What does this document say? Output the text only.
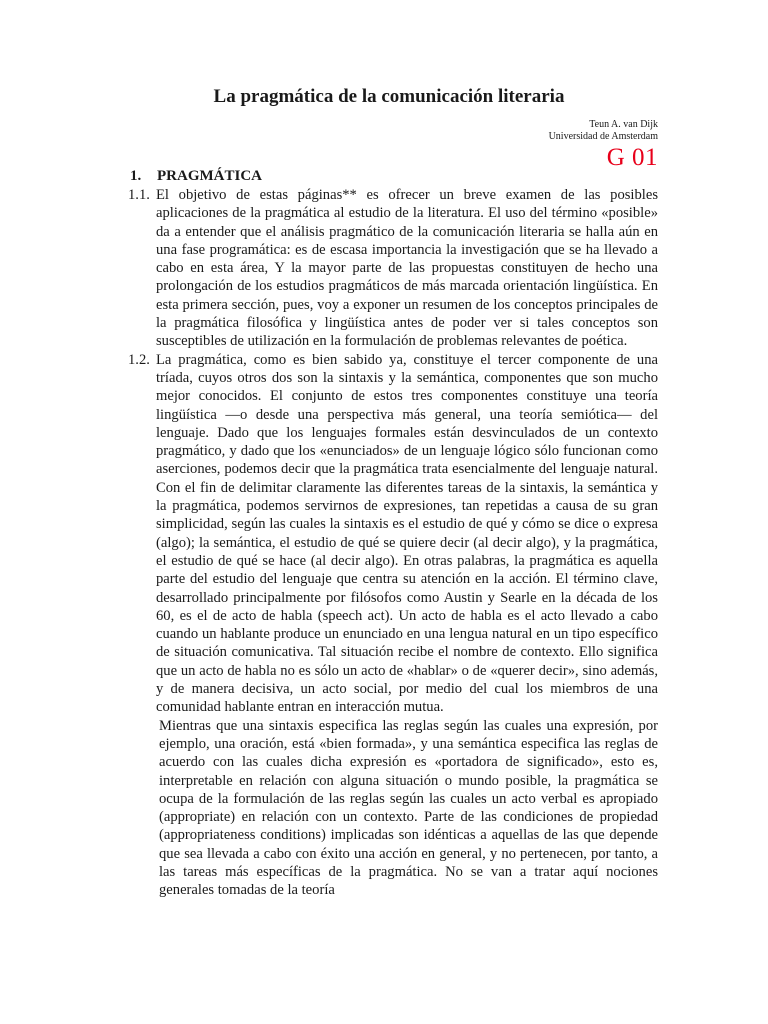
La pragmática de la comunicación literaria
Teun A. van Dijk
Universidad de Amsterdam
G 01
1. PRAGMÁTICA

1.1. El objetivo de estas páginas** es ofrecer un breve examen de las posibles aplicaciones de la pragmática al estudio de la literatura. El uso del término «posible» da a entender que el análisis pragmático de la comunicación literaria se halla aún en una fase programática: es de escasa importancia la investigación que se ha llevado a cabo en esta área, Y la mayor parte de las propuestas constituyen de hecho una prolongación de los estudios pragmáticos de más marcada orientación lingüística. En esta primera sección, pues, voy a exponer un resumen de los conceptos principales de la pragmática filosófica y lingüística antes de poder ver si tales conceptos son susceptibles de utilización en la formulación de problemas relevantes de poética.

1.2. La pragmática, como es bien sabido ya, constituye el tercer componente de una tríada, cuyos otros dos son la sintaxis y la semántica, componentes que son mucho mejor conocidos. El conjunto de estos tres componentes constituye una teoría lingüística —o desde una perspectiva más general, una teoría semiótica— del lenguaje. Dado que los lenguajes formales están desvinculados de un contexto pragmático, y dado que los «enunciados» de un lenguaje lógico sólo funcionan como aserciones, podemos decir que la pragmática trata esencialmente del lenguaje natural. Con el fin de delimitar claramente las diferentes tareas de la sintaxis, la semántica y la pragmática, podemos servirnos de expresiones, tan repetidas a causa de su gran simplicidad, según las cuales la sintaxis es el estudio de qué y cómo se dice o expresa (algo); la semántica, el estudio de qué se quiere decir (al decir algo), y la pragmática, el estudio de qué se hace (al decir algo). En otras palabras, la pragmática es aquella parte del estudio del lenguaje que centra su atención en la acción. El término clave, desarrollado principalmente por filósofos como Austin y Searle en la década de los 60, es el de acto de habla (speech act). Un acto de habla es el acto llevado a cabo cuando un hablante produce un enunciado en una lengua natural en un tipo específico de situación comunicativa. Tal situación recibe el nombre de contexto. Ello significa que un acto de habla no es sólo un acto de «hablar» o de «querer decir», sino además, y de manera decisiva, un acto social, por medio del cual los miembros de una comunidad hablante entran en interacción mutua.

Mientras que una sintaxis especifica las reglas según las cuales una expresión, por ejemplo, una oración, está «bien formada», y una semántica especifica las reglas de acuerdo con las cuales dicha expresión es «portadora de significado», esto es, interpretable en relación con alguna situación o mundo posible, la pragmática se ocupa de la formulación de las reglas según las cuales un acto verbal es apropiado (appropriate) en relación con un contexto. Parte de las condiciones de propiedad (appropriateness conditions) implicadas son idénticas a aquellas de las que depende que sea llevada a cabo con éxito una acción en general, y no pertenecen, por tanto, a las tareas más específicas de la pragmática. No se van a tratar aquí nociones generales tomadas de la teoría
